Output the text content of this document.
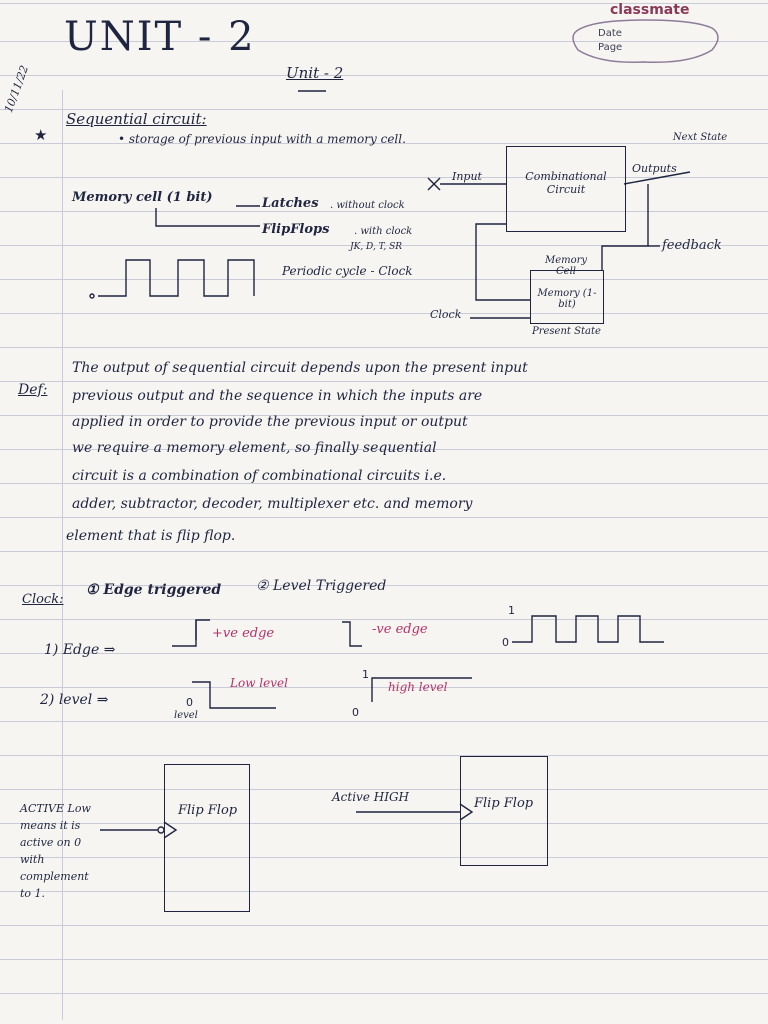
UNIT - 2
classmate
Date
Page
Unit - 2
10/11/22
★
Sequential circuit:
• storage of previous input with a memory cell.
Combinational Circuit
Memory (1-bit)
Memory Cell
Next State
Input
Outputs
feedback
Clock
Present State
Memory cell (1 bit)	Latches . without clock
FlipFlops . with clock
JK, D, T, SR
Periodic cycle - Clock
Def:
The output of sequential circuit depends upon the present input
previous output and the sequence in which the inputs are
applied in order to provide the previous input or output
we require a memory element, so finally sequential
circuit is a combination of combinational circuits i.e.
adder, subtractor, decoder, multiplexer etc. and memory
element that is flip flop.
Clock:
① Edge triggered ② Level Triggered
1) Edge ⇒
+ve edge	-ve edge
2) level ⇒
Low level	high level
level
ACTIVE Low means it is active on 0 with complement to 1.
Flip Flop
Active HIGH	Flip Flop
1
0
0
0
1
